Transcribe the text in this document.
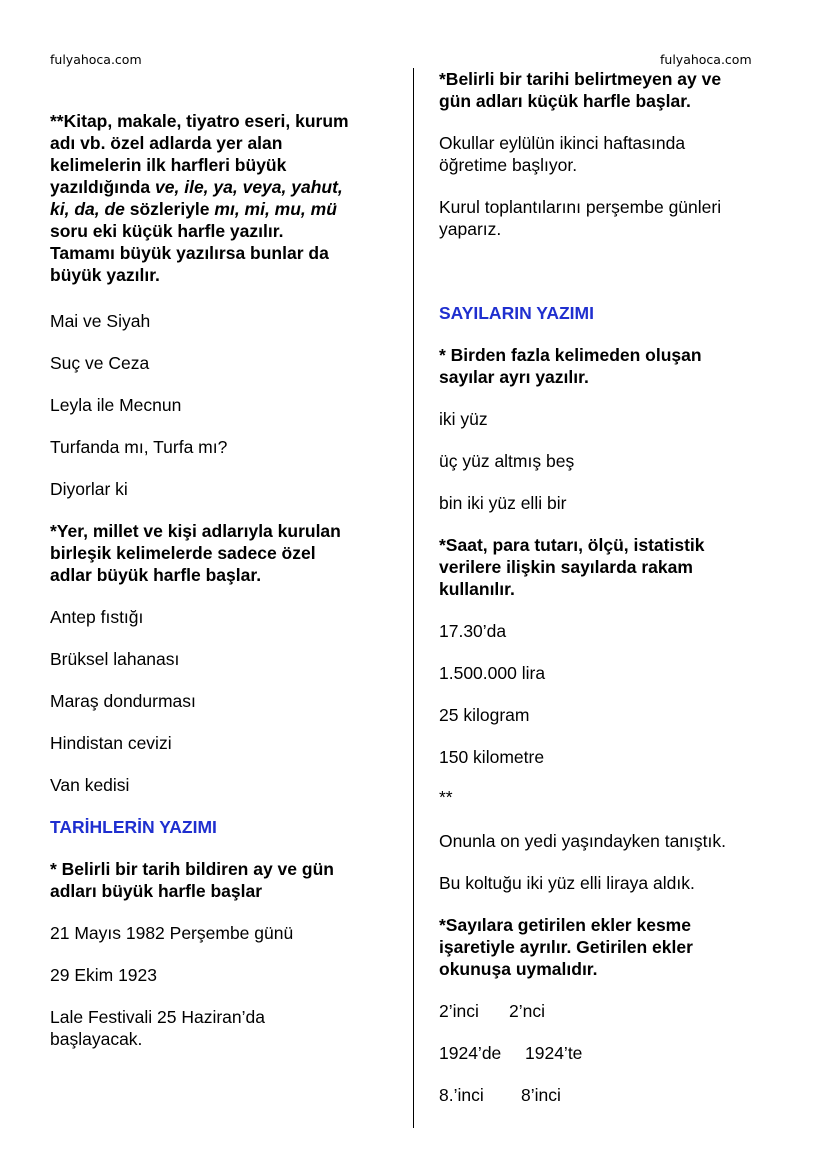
fulyahoca.com	fulyahoca.com
**Kitap, makale, tiyatro eseri, kurum
adı vb. özel adlarda yer alan
kelimelerin ilk harfleri büyük
yazıldığında ve, ile, ya, veya, yahut,
ki, da, de sözleriyle mı, mi, mu, mü
soru eki küçük harfle yazılır.
Tamamı büyük yazılırsa bunlar da
büyük yazılır.
Mai ve Siyah
Suç ve Ceza
Leyla ile Mecnun
Turfanda mı, Turfa mı?
Diyorlar ki
*Yer, millet ve kişi adlarıyla kurulan
birleşik kelimelerde sadece özel
adlar büyük harfle başlar.
Antep fıstığı
Brüksel lahanası
Maraş dondurması
Hindistan cevizi
Van kedisi
TARİHLERİN YAZIMI
* Belirli bir tarih bildiren ay ve gün
adları büyük harfle başlar
21 Mayıs 1982 Perşembe günü
29 Ekim 1923
Lale Festivali 25 Haziran’da
başlayacak.
*Belirli bir tarihi belirtmeyen ay ve
gün adları küçük harfle başlar.
Okullar eylülün ikinci haftasında
öğretime başlıyor.
Kurul toplantılarını perşembe günleri
yaparız.
SAYILARIN YAZIMI
* Birden fazla kelimeden oluşan
sayılar ayrı yazılır.
iki yüz
üç yüz altmış beş
bin iki yüz elli bir
*Saat, para tutarı, ölçü, istatistik
verilere ilişkin sayılarda rakam
kullanılır.
17.30’da
1.500.000 lira
25 kilogram
150 kilometre
**
Onunla on yedi yaşındayken tanıştık.
Bu koltuğu iki yüz elli liraya aldık.
*Sayılara getirilen ekler kesme
işaretiyle ayrılır. Getirilen ekler
okunuşa uymalıdır.
2’inci 2’nci
1924’de 1924’te
8.’inci 8’inci
